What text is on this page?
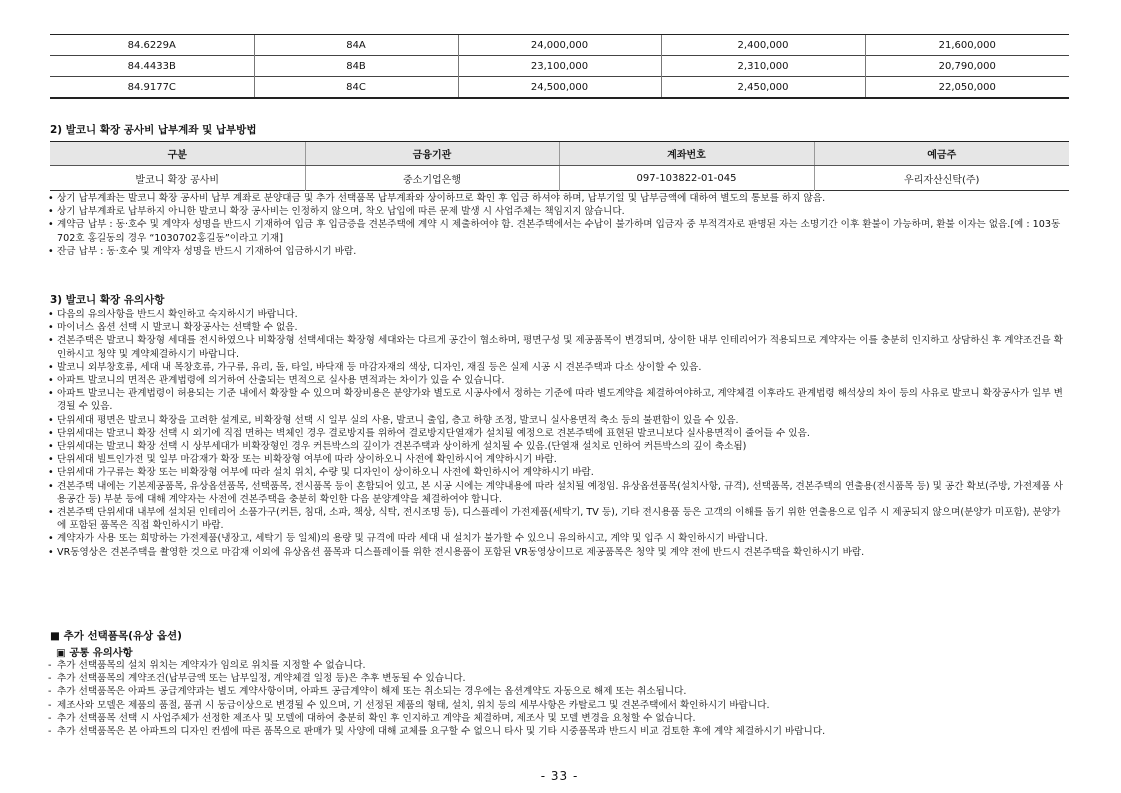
84.6229A	84A	24,000,000	2,400,000	21,600,000
84.4433B	84B	23,100,000	2,310,000	20,790,000
84.9177C	84C	24,500,000	2,450,000	22,050,000
2) 발코니 확장 공사비 납부계좌 및 납부방법
구분	금융기관	계좌번호	예금주
발코니 확장 공사비	중소기업은행	097-103822-01-045	우리자산신탁(주)
• 상기 납부계좌는 발코니 확장 공사비 납부 계좌로 분양대금 및 추가 선택품목 납부계좌와 상이하므로 확인 후 입금 하셔야 하며, 납부기일 및 납부금액에 대하여 별도의 통보를 하지 않음.
• 상기 납부계좌로 납부하지 아니한 발코니 확장 공사비는 인정하지 않으며, 착오 납입에 따른 문제 발생 시 사업주체는 책임지지 않습니다.
• 계약금 납부 : 동·호수 및 계약자 성명을 반드시 기재하여 입금 후 입금증을 견본주택에 계약 시 제출하여야 함. 견본주택에서는 수납이 불가하며 입금자 중 부적격자로 판명된 자는 소명기간 이후 환불이 가능하며, 환불 이자는 없음.[예 : 103동 702호 홍길동의 경우 “1030702홍길동”이라고 기재]
• 잔금 납부 : 동·호수 및 계약자 성명을 반드시 기재하여 입금하시기 바람.
3) 발코니 확장 유의사항
• 다음의 유의사항을 반드시 확인하고 숙지하시기 바랍니다.
• 마이너스 옵션 선택 시 발코니 확장공사는 선택할 수 없음.
• 견본주택은 발코니 확장형 세대를 전시하였으나 비확장형 선택세대는 확장형 세대와는 다르게 공간이 협소하며, 평면구성 및 제공품목이 변경되며, 상이한 내부 인테리어가 적용되므로 계약자는 이를 충분히 인지하고 상담하신 후 계약조건을 확인하시고 청약 및 계약체결하시기 바랍니다.
• 발코니 외부창호류, 세대 내 목창호류, 가구류, 유리, 돌, 타일, 바닥재 등 마감자재의 색상, 디자인, 재질 등은 실제 시공 시 견본주택과 다소 상이할 수 있음.
• 아파트 발코니의 면적은 관계법령에 의거하여 산출되는 면적으로 실사용 면적과는 차이가 있을 수 있습니다.
• 아파트 발코니는 관계법령이 허용되는 기준 내에서 확장할 수 있으며 확장비용은 분양가와 별도로 시공사에서 정하는 기준에 따라 별도계약을 체결하여야하고, 계약체결 이후라도 관계법령 해석상의 차이 등의 사유로 발코니 확장공사가 일부 변경될 수 있음.
• 단위세대 평면은 발코니 확장을 고려한 설계로, 비확장형 선택 시 일부 실의 사용, 발코니 출입, 층고 하향 조정, 발코니 실사용면적 축소 등의 불편함이 있을 수 있음.
• 단위세대는 발코니 확장 선택 시 외기에 직접 면하는 벽체인 경우 결로방지를 위하여 결로방지단열재가 설치될 예정으로 견본주택에 표현된 발코니보다 실사용면적이 줄어들 수 있음.
• 단위세대는 발코니 확장 선택 시 상부세대가 비확장형인 경우 커튼박스의 깊이가 견본주택과 상이하게 설치될 수 있음.(단열재 설치로 인하여 커튼박스의 깊이 축소됨)
• 단위세대 빌트인가전 및 일부 마감재가 확장 또는 비확장형 여부에 따라 상이하오니 사전에 확인하시어 계약하시기 바람.
• 단위세대 가구류는 확장 또는 비확장형 여부에 따라 설치 위치, 수량 및 디자인이 상이하오니 사전에 확인하시어 계약하시기 바람.
• 견본주택 내에는 기본제공품목, 유상옵션품목, 선택품목, 전시품목 등이 혼합되어 있고, 본 시공 시에는 계약내용에 따라 설치될 예정임. 유상옵션품목(설치사항, 규격), 선택품목, 견본주택의 연출용(전시품목 등) 및 공간 확보(주방, 가전제품 사용공간 등) 부분 등에 대해 계약자는 사전에 견본주택을 충분히 확인한 다음 분양계약을 체결하여야 합니다.
• 견본주택 단위세대 내부에 설치된 인테리어 소품가구(커튼, 침대, 소파, 책상, 식탁, 전시조명 등), 디스플레이 가전제품(세탁기, TV 등), 기타 전시용품 등은 고객의 이해를 돕기 위한 연출용으로 입주 시 제공되지 않으며(분양가 미포함), 분양가에 포함된 품목은 직접 확인하시기 바람.
• 계약자가 사용 또는 희망하는 가전제품(냉장고, 세탁기 등 일체)의 용량 및 규격에 따라 세대 내 설치가 불가할 수 있으니 유의하시고, 계약 및 입주 시 확인하시기 바랍니다.
• VR동영상은 견본주택을 촬영한 것으로 마감재 이외에 유상옵션 품목과 디스플레이를 위한 전시용품이 포함된 VR동영상이므로 제공품목은 청약 및 계약 전에 반드시 견본주택을 확인하시기 바람.
■ 추가 선택품목(유상 옵션)
▣ 공통 유의사항
- 추가 선택품목의 설치 위치는 계약자가 임의로 위치를 지정할 수 없습니다.
- 추가 선택품목의 계약조건(납부금액 또는 납부일정, 계약체결 일정 등)은 추후 변동될 수 있습니다.
- 추가 선택품목은 아파트 공급계약과는 별도 계약사항이며, 아파트 공급계약이 해제 또는 취소되는 경우에는 옵션계약도 자동으로 해제 또는 취소됩니다.
- 제조사와 모델은 제품의 품절, 품귀 시 동급이상으로 변경될 수 있으며, 기 선정된 제품의 형태, 설치, 위치 등의 세부사항은 카탈로그 및 견본주택에서 확인하시기 바랍니다.
- 추가 선택품목 선택 시 사업주체가 선정한 제조사 및 모델에 대하여 충분히 확인 후 인지하고 계약을 체결하며, 제조사 및 모델 변경을 요청할 수 없습니다.
- 추가 선택품목은 본 아파트의 디자인 컨셉에 따른 품목으로 판매가 및 사양에 대해 교체를 요구할 수 없으니 타사 및 기타 시중품목과 반드시 비교 검토한 후에 계약 체결하시기 바랍니다.
- 33 -
